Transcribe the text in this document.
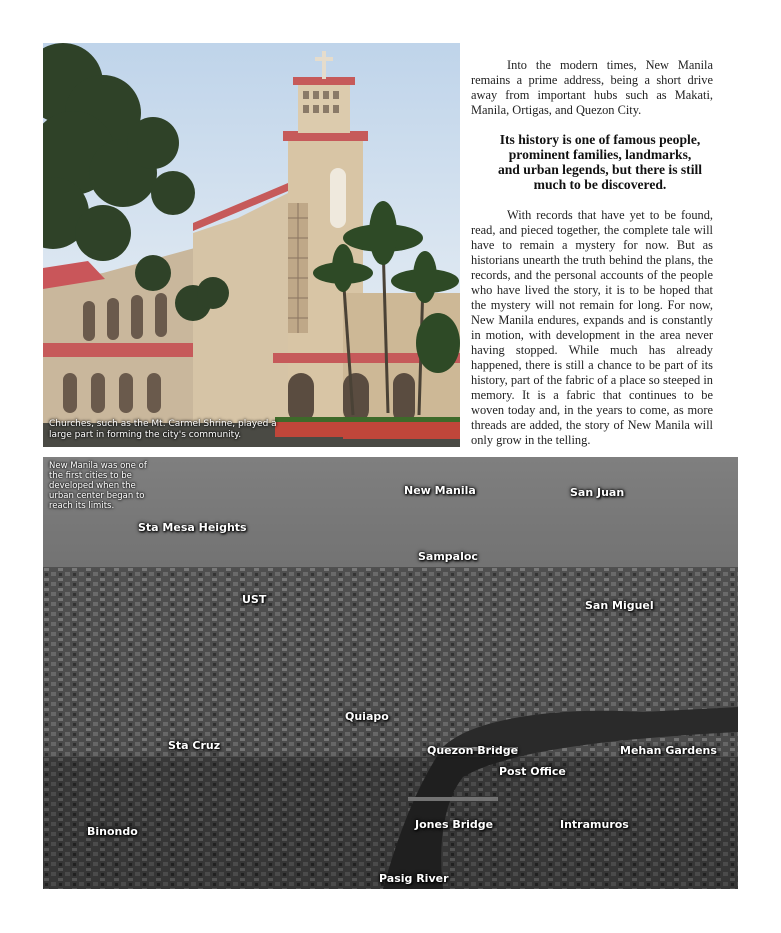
Churches, such as the Mt. Carmel Shrine, played a large part in forming the city's community.

Into the modern times, New Manila remains a prime address, being a short drive away from important hubs such as Makati, Manila, Ortigas, and Quezon City.

Its history is one of famous people, prominent families, landmarks, and urban legends, but there is still much to be discovered.

With records that have yet to be found, read, and pieced together, the complete tale will have to remain a mystery for now. But as historians unearth the truth behind the plans, the records, and the personal accounts of the people who have lived the story, it is to be hoped that the mystery will not remain for long. For now, New Manila endures, expands and is constantly in motion, with development in the area never having stopped. While much has already happened, there is still a chance to be part of its history, part of the fabric of a place so steeped in memory. It is a fabric that continues to be woven today and, in the years to come, as more threads are added, the story of New Manila will only grow in the telling.

New Manila was one of the first cities to be developed when the urban center began to reach its limits.
New Manila	San Juan
Sta Mesa Heights
Sampaloc
UST	San Miguel
Quiapo
Sta Cruz	Quezon Bridge	Mehan Gardens
Post Office
Binondo
Jones Bridge	Intramuros
Pasig River
